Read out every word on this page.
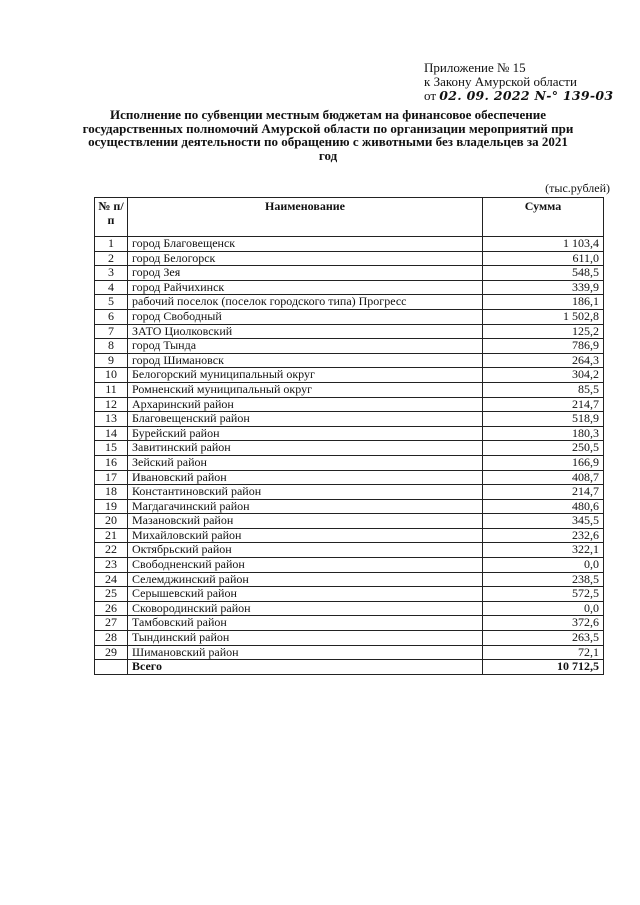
Приложение № 15
к Закону Амурской области
от 02. 09. 2022 N-° 139-03
Исполнение по субвенции местным бюджетам на финансовое обеспечение государственных полномочий Амурской области по организации мероприятий при осуществлении деятельности по обращению с животными без владельцев за 2021 год
(тыс.рублей)
№ п/п	Наименование	Сумма
1	город Благовещенск	1 103,4
2	город Белогорск	611,0
3	город Зея	548,5
4	город Райчихинск	339,9
5	рабочий поселок (поселок городского типа) Прогресс	186,1
6	город Свободный	1 502,8
7	ЗАТО Циолковский	125,2
8	город Тында	786,9
9	город Шимановск	264,3
10	Белогорский муниципальный округ	304,2
11	Ромненский муниципальный округ	85,5
12	Архаринский район	214,7
13	Благовещенский район	518,9
14	Бурейский район	180,3
15	Завитинский район	250,5
16	Зейский район	166,9
17	Ивановский район	408,7
18	Константиновский район	214,7
19	Магдагачинский район	480,6
20	Мазановский район	345,5
21	Михайловский район	232,6
22	Октябрьский район	322,1
23	Свободненский район	0,0
24	Селемджинский район	238,5
25	Серышевский район	572,5
26	Сковородинский район	0,0
27	Тамбовский район	372,6
28	Тындинский район	263,5
29	Шимановский район	72,1
	Всего	10 712,5
